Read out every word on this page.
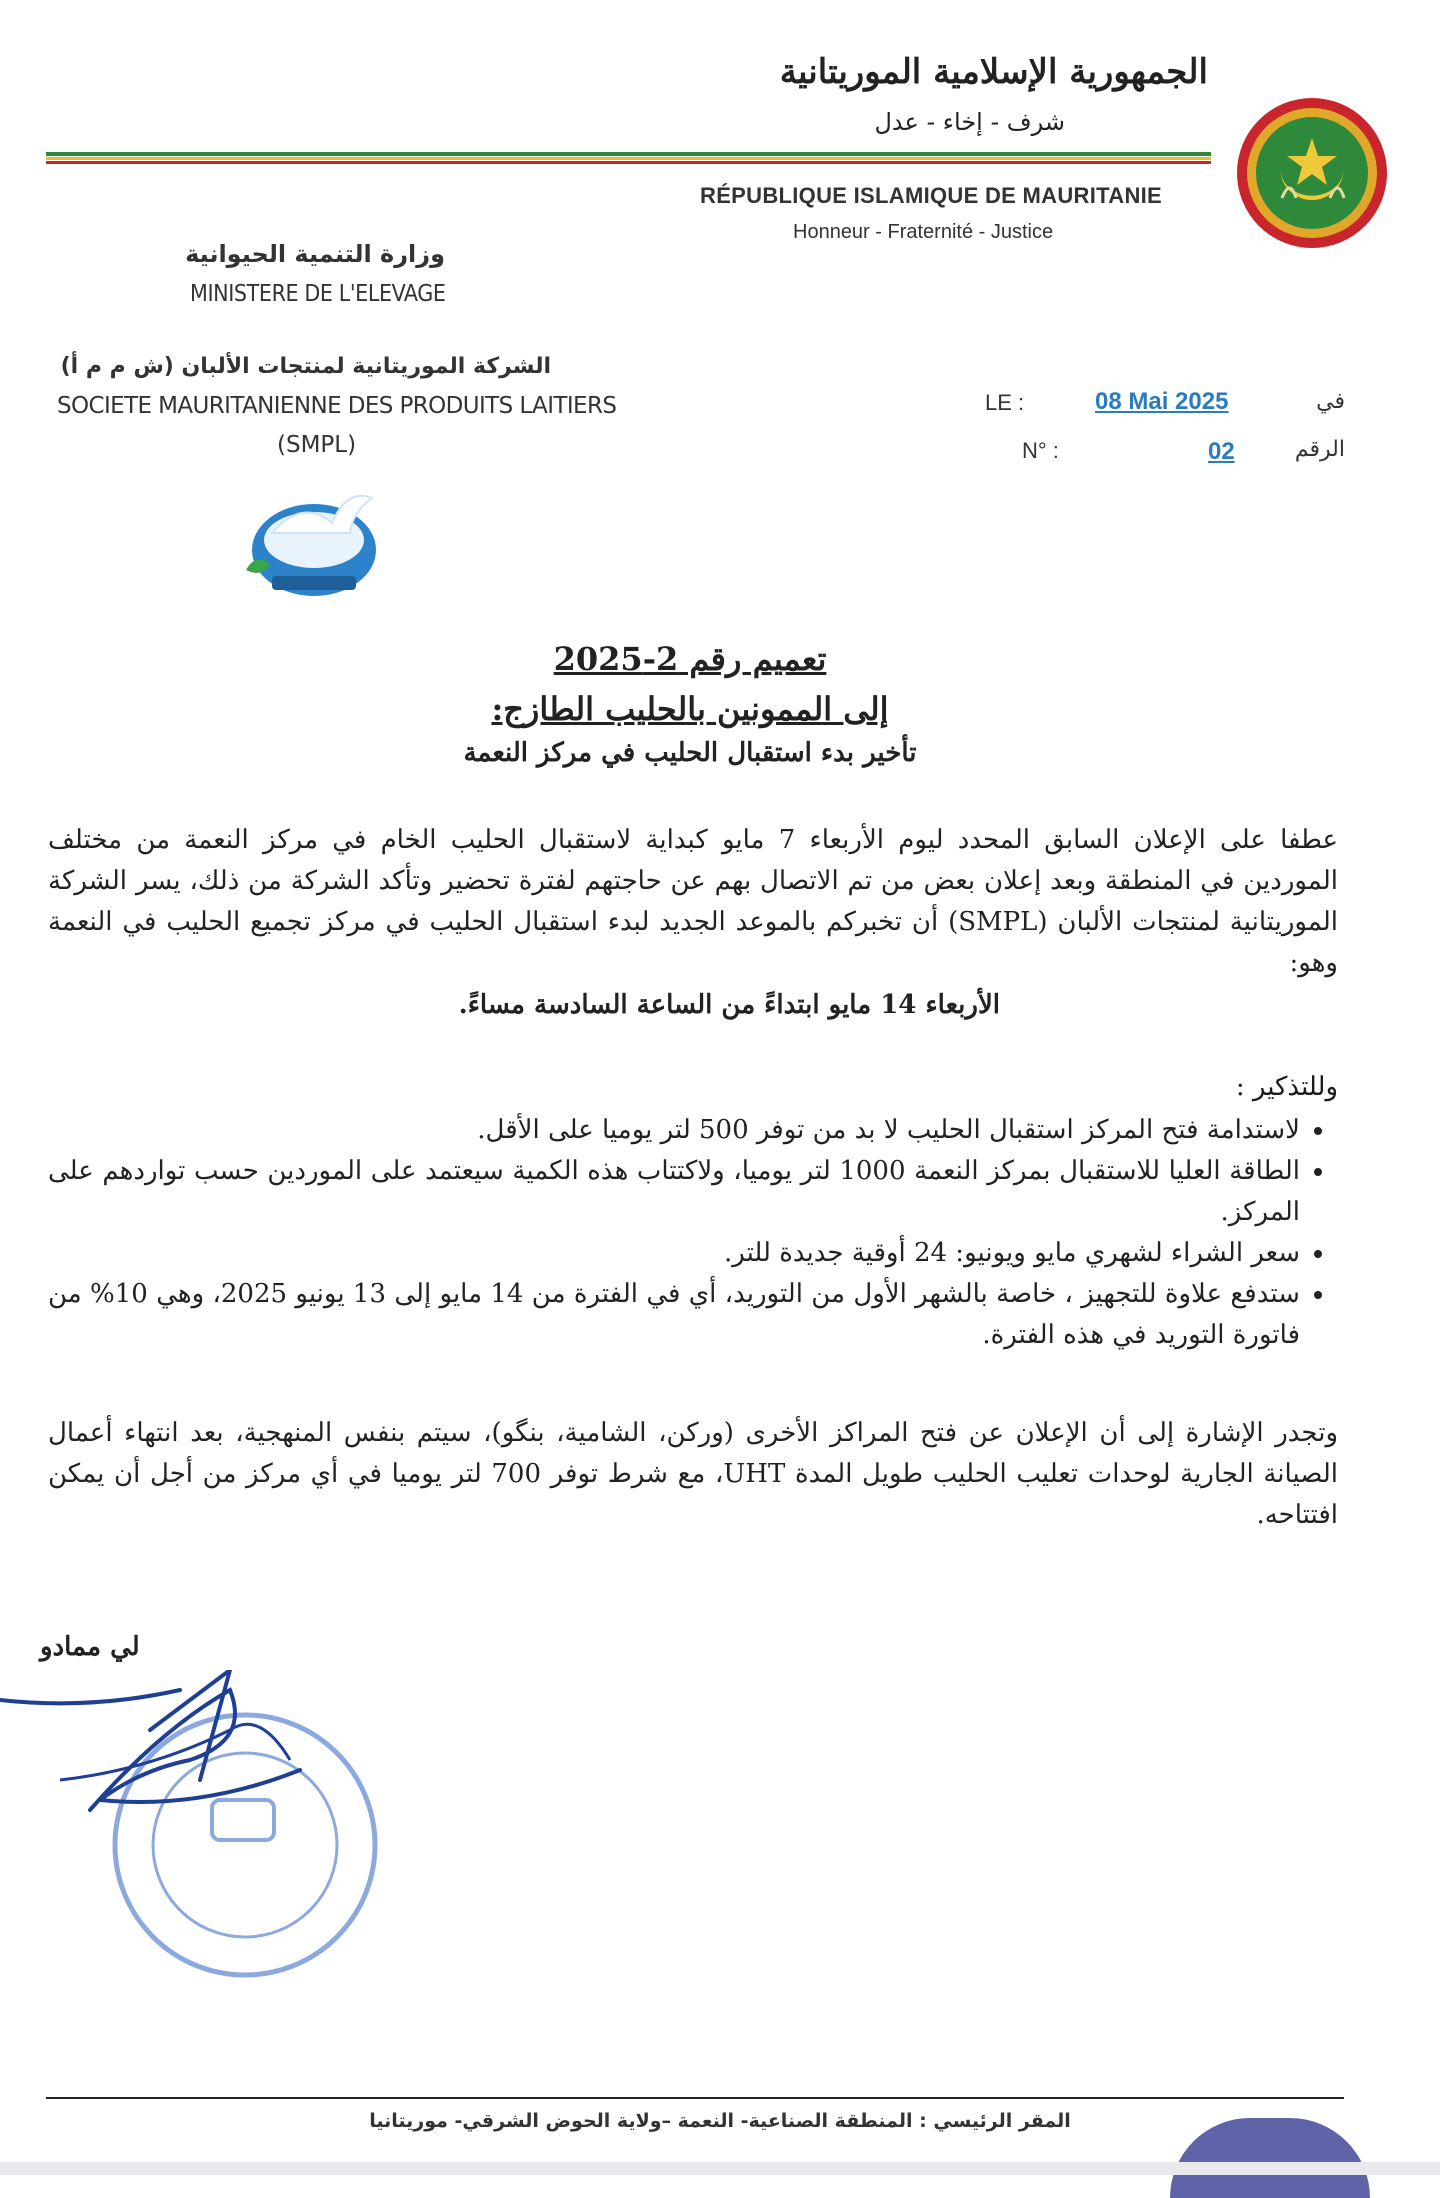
الجمهورية الإسلامية الموريتانية
شرف - إخاء - عدل
RÉPUBLIQUE ISLAMIQUE DE MAURITANIE
Honneur - Fraternité - Justice
وزارة التنمية الحيوانية
MINISTERE DE L'ELEVAGE
الشركة الموريتانية لمنتجات الألبان (ش م م أ)
SOCIETE MAURITANIENNE DES PRODUITS LAITIERS
(SMPL)
LE :	08 Mai 2025	في
N° :	02	الرقم
تعميم رقم 2-2025
إلى الممونين بالحليب الطازج:
تأخير بدء استقبال الحليب في مركز النعمة
عطفا على الإعلان السابق المحدد ليوم الأربعاء 7 مايو كبداية لاستقبال الحليب الخام في مركز النعمة من مختلف الموردين في المنطقة وبعد إعلان بعض من تم الاتصال بهم عن حاجتهم لفترة تحضير وتأكد الشركة من ذلك، يسر الشركة الموريتانية لمنتجات الألبان (SMPL) أن تخبركم بالموعد الجديد لبدء استقبال الحليب في مركز تجميع الحليب في النعمة وهو:
الأربعاء 14 مايو ابتداءً من الساعة السادسة مساءً.
وللتذكير :
• لاستدامة فتح المركز استقبال الحليب لا بد من توفر 500 لتر يوميا على الأقل.
• الطاقة العليا للاستقبال بمركز النعمة 1000 لتر يوميا، ولاكتتاب هذه الكمية سيعتمد على الموردين حسب تواردهم على المركز.
• سعر الشراء لشهري مايو ويونيو: 24 أوقية جديدة للتر.
• ستدفع علاوة للتجهيز ، خاصة بالشهر الأول من التوريد، أي في الفترة من 14 مايو إلى 13 يونيو 2025، وهي 10% من فاتورة التوريد في هذه الفترة.
وتجدر الإشارة إلى أن الإعلان عن فتح المراكز الأخرى (وركن، الشامية، بنگو)، سيتم بنفس المنهجية، بعد انتهاء أعمال الصيانة الجارية لوحدات تعليب الحليب طويل المدة UHT، مع شرط توفر 700 لتر يوميا في أي مركز من أجل أن يمكن افتتاحه.
لي ممادو
المقر الرئيسي : المنطقة الصناعية- النعمة –ولاية الحوض الشرقي- موريتانيا
